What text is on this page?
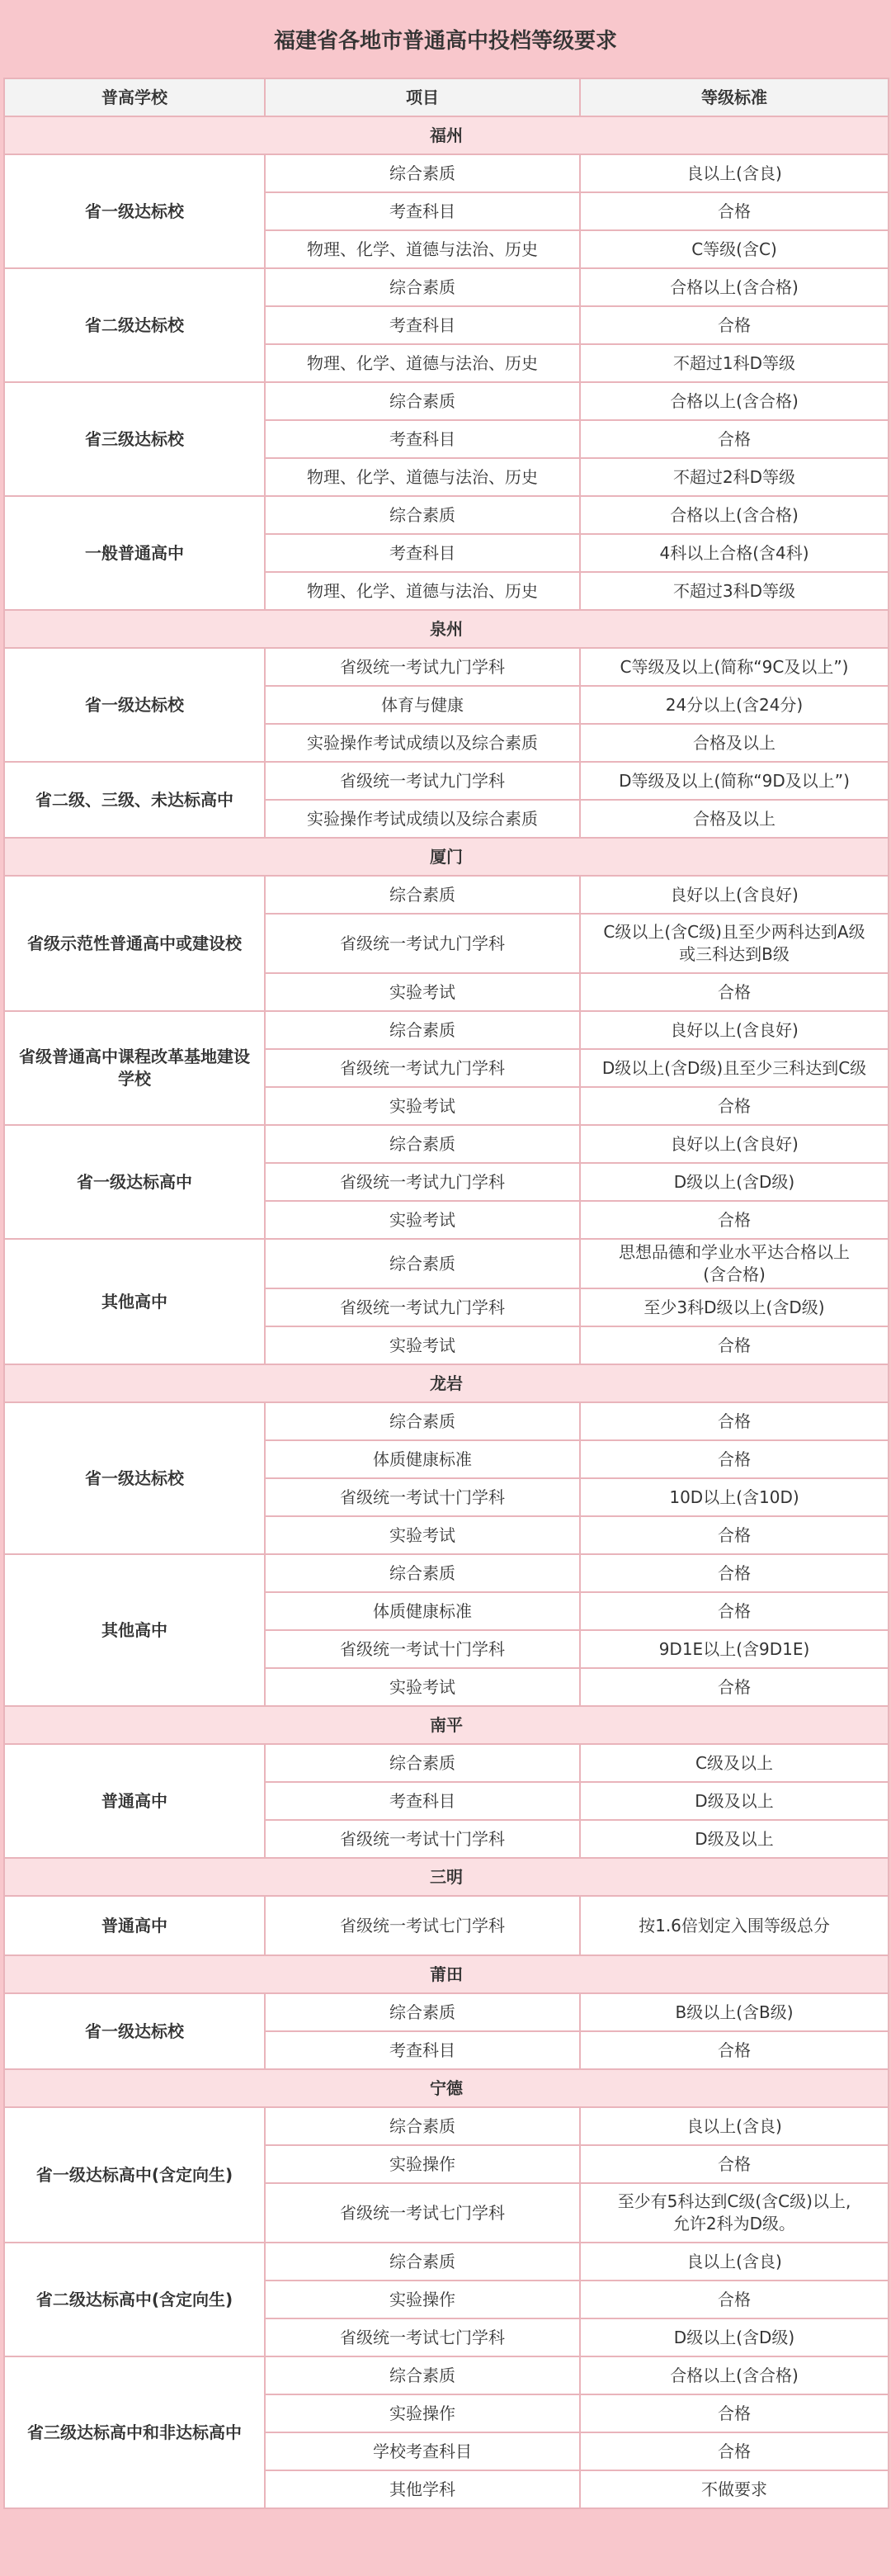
福建省各地市普通高中投档等级要求
普高学校	项目	等级标准
福州		
省一级达标校	综合素质	良以上(含良)
	考查科目	合格
	物理、化学、道德与法治、历史	C等级(含C)
省二级达标校	综合素质	合格以上(含合格)
	考查科目	合格
	物理、化学、道德与法治、历史	不超过1科D等级
省三级达标校	综合素质	合格以上(含合格)
	考查科目	合格
	物理、化学、道德与法治、历史	不超过2科D等级
一般普通高中	综合素质	合格以上(含合格)
	考查科目	4科以上合格(含4科)
	物理、化学、道德与法治、历史	不超过3科D等级
泉州		
省一级达标校	省级统一考试九门学科	C等级及以上(简称“9C及以上”)
	体育与健康	24分以上(含24分)
	实验操作考试成绩以及综合素质	合格及以上
省二级、三级、未达标高中	省级统一考试九门学科	D等级及以上(简称“9D及以上”)
	实验操作考试成绩以及综合素质	合格及以上
厦门		
省级示范性普通高中或建设校	综合素质	良好以上(含良好)
	省级统一考试九门学科	C级以上(含C级)且至少两科达到A级
或三科达到B级

	实验考试	合格
省级普通高中课程改革基地建设学校	综合素质	良好以上(含良好)
	省级统一考试九门学科	D级以上(含D级)且至少三科达到C级
	实验考试	合格
省一级达标高中	综合素质	良好以上(含良好)
	省级统一考试九门学科	D级以上(含D级)
	实验考试	合格
其他高中	综合素质	思想品德和学业水平达合格以上
(含合格)

	省级统一考试九门学科	至少3科D级以上(含D级)
	实验考试	合格
龙岩		
省一级达标校	综合素质	合格
	体质健康标准	合格
	省级统一考试十门学科	10D以上(含10D)
	实验考试	合格
其他高中	综合素质	合格
	体质健康标准	合格
	省级统一考试十门学科	9D1E以上(含9D1E)
	实验考试	合格
南平		
普通高中	综合素质	C级及以上
	考查科目	D级及以上
	省级统一考试十门学科	D级及以上
三明		
普通高中	省级统一考试七门学科	按1.6倍划定入围等级总分
莆田		
省一级达标校	综合素质	B级以上(含B级)
	考查科目	合格
宁德		
省一级达标高中(含定向生)	综合素质	良以上(含良)
	实验操作	合格
	省级统一考试七门学科	至少有5科达到C级(含C级)以上,
允许2科为D级。

省二级达标高中(含定向生)	综合素质	良以上(含良)
	实验操作	合格
	省级统一考试七门学科	D级以上(含D级)
省三级达标高中和非达标高中	综合素质	合格以上(含合格)
	实验操作	合格
	学校考查科目	合格
	其他学科	不做要求
